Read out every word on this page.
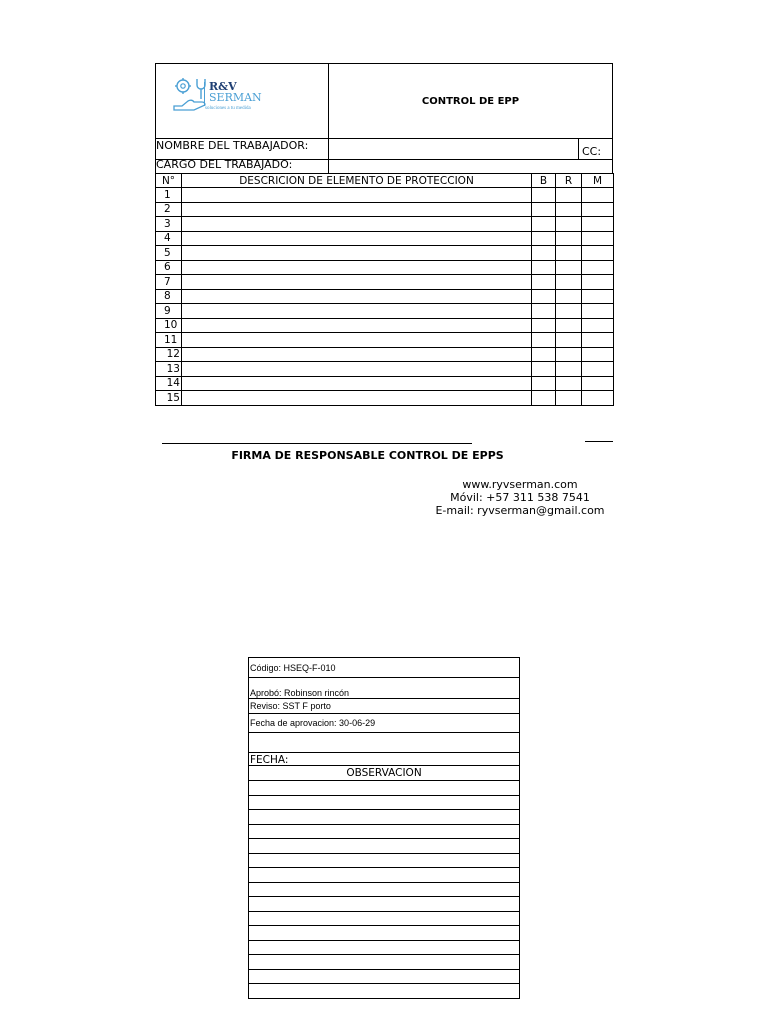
R&V
SERMAN
soluciones a tu medida
CONTROL DE EPP
NOMBRE DEL TRABAJADOR:	CC:
CARGO DEL TRABAJADO:
N°	DESCRICION DE ELEMENTO DE PROTECCION	B	R	M
1				
2				
3				
4				
5				
6				
7				
8				
9				
10				
11				
12				
13				
14				
15				
FIRMA DE RESPONSABLE CONTROL DE EPPS
www.ryvserman.com
Móvil: +57 311 538 7541
E-mail: ryvserman@gmail.com
Código: HSEQ-F-010
Aprobó: Robinson rincón
Reviso: SST F porto
Fecha de aprovacion: 30-06-29

FECHA:
OBSERVACION
